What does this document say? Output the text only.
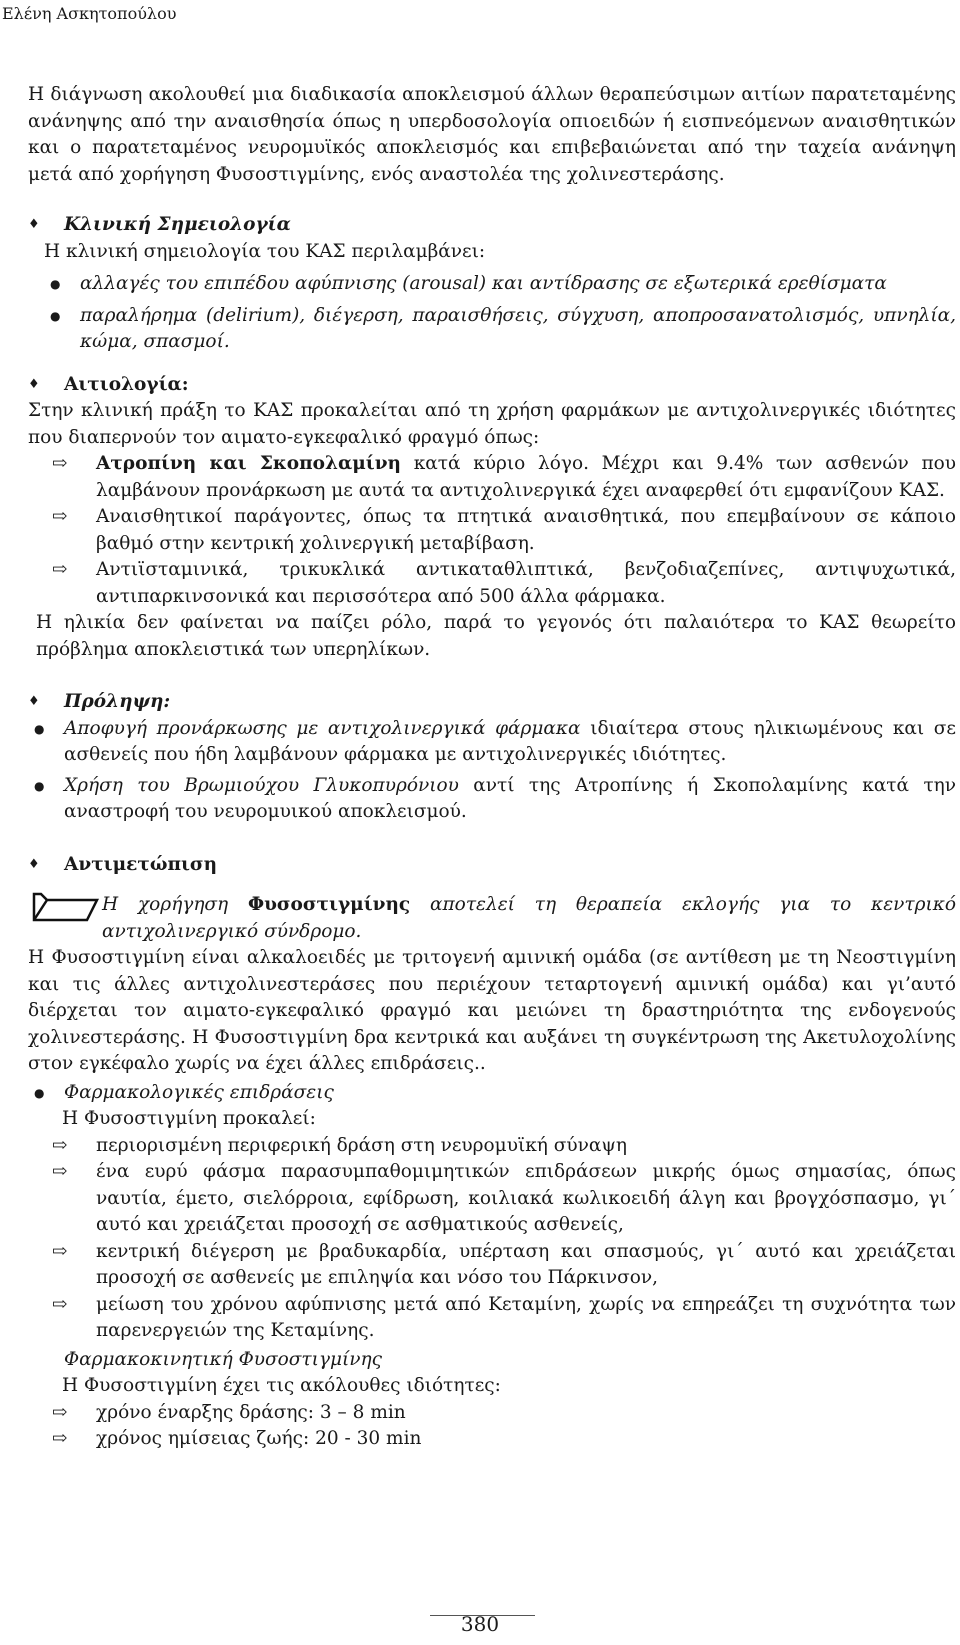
Ελένη Ασκητοπούλου

Η διάγνωση ακολουθεί μια διαδικασία αποκλεισμού άλλων θεραπεύσιμων αιτίων παρατεταμένης ανάνηψης από την αναισθησία όπως η υπερδοσολογία οπιοειδών ή εισπνεόμενων αναισθητικών και ο παρατεταμένος νευρομυϊκός αποκλεισμός και επιβεβαιώνεται από την ταχεία ανάνηψη μετά από χορήγηση Φυσοστιγμίνης, ενός αναστολέα της χολινεστεράσης.

♦ Κλινική Σημειολογία

Η κλινική σημειολογία του ΚΑΣ περιλαμβάνει:

●	αλλαγές του επιπέδου αφύπνισης (arousal) και αντίδρασης σε εξωτερικά ερεθίσματα
●	παραλήρημα (delirium), διέγερση, παραισθήσεις, σύγχυση, αποπροσανατολισμός, υπνηλία, κώμα, σπασμοί.
♦ Αιτιολογία:

Στην κλινική πράξη το ΚΑΣ προκαλείται από τη χρήση φαρμάκων με αντιχολινεργικές ιδιότητες που διαπερνούν τον αιματο-εγκεφαλικό φραγμό όπως:

⇨	Ατροπίνη και Σκοπολαμίνη κατά κύριο λόγο. Μέχρι και 9.4% των ασθενών που λαμβάνουν προνάρκωση με αυτά τα αντιχολινεργικά έχει αναφερθεί ότι εμφανίζουν ΚΑΣ.
⇨	Αναισθητικοί παράγοντες, όπως τα πτητικά αναισθητικά, που επεμβαίνουν σε κάποιο βαθμό στην κεντρική χολινεργική μεταβίβαση.
⇨	Αντιϊσταμινικά, τρικυκλικά αντικαταθλιπτικά, βενζοδιαζεπίνες, αντιψυχωτικά, αντιπαρκινσονικά και περισσότερα από 500 άλλα φάρμακα.

Η ηλικία δεν φαίνεται να παίζει ρόλο, παρά το γεγονός ότι παλαιότερα το ΚΑΣ θεωρείτο πρόβλημα αποκλειστικά των υπερηλίκων.

♦ Πρόληψη:
●	Αποφυγή προνάρκωσης με αντιχολινεργικά φάρμακα ιδιαίτερα στους ηλικιωμένους και σε ασθενείς που ήδη λαμβάνουν φάρμακα με αντιχολινεργικές ιδιότητες.
●	Χρήση του Βρωμιούχου Γλυκοπυρόνιου αντί της Ατροπίνης ή Σκοπολαμίνης κατά την αναστροφή του νευρομυικού αποκλεισμού.
♦ Αντιμετώπιση

Η χορήγηση Φυσοστιγμίνης αποτελεί τη θεραπεία εκλογής για το κεντρικό αντιχολινεργικό σύνδρομο.

Η Φυσοστιγμίνη είναι αλκαλοειδές με τριτογενή αμινική ομάδα (σε αντίθεση με τη Νεοστιγμίνη και τις άλλες αντιχολινεστεράσες που περιέχουν τεταρτογενή αμινική ομάδα) και γι’αυτό διέρχεται τον αιματο-εγκεφαλικό φραγμό και μειώνει τη δραστηριότητα της ενδογενούς χολινεστεράσης. Η Φυσοστιγμίνη δρα κεντρικά και αυξάνει τη συγκέντρωση της Ακετυλοχολίνης στον εγκέφαλο χωρίς να έχει άλλες επιδράσεις..

●	Φαρμακολογικές επιδράσεις

Η Φυσοστιγμίνη προκαλεί:

⇨	περιορισμένη περιφερική δράση στη νευρομυϊκή σύναψη
⇨	ένα ευρύ φάσμα παρασυμπαθομιμητικών επιδράσεων μικρής όμως σημασίας, όπως ναυτία, έμετο, σιελόρροια, εφίδρωση, κοιλιακά κωλικοειδή άλγη και βρογχόσπασμο, γι΄ αυτό και χρειάζεται προσοχή σε ασθματικούς ασθενείς,
⇨	κεντρική διέγερση με βραδυκαρδία, υπέρταση και σπασμούς, γι΄ αυτό και χρειάζεται προσοχή σε ασθενείς με επιληψία και νόσο του Πάρκινσον,
⇨	μείωση του χρόνου αφύπνισης μετά από Κεταμίνη, χωρίς να επηρεάζει τη συχνότητα των παρενεργειών της Κεταμίνης.
Φαρμακοκινητική Φυσοστιγμίνης

Η Φυσοστιγμίνη έχει τις ακόλουθες ιδιότητες:

⇨	χρόνο έναρξης δράσης: 3 – 8 min
⇨	χρόνος ημίσειας ζωής: 20 - 30 min
380
